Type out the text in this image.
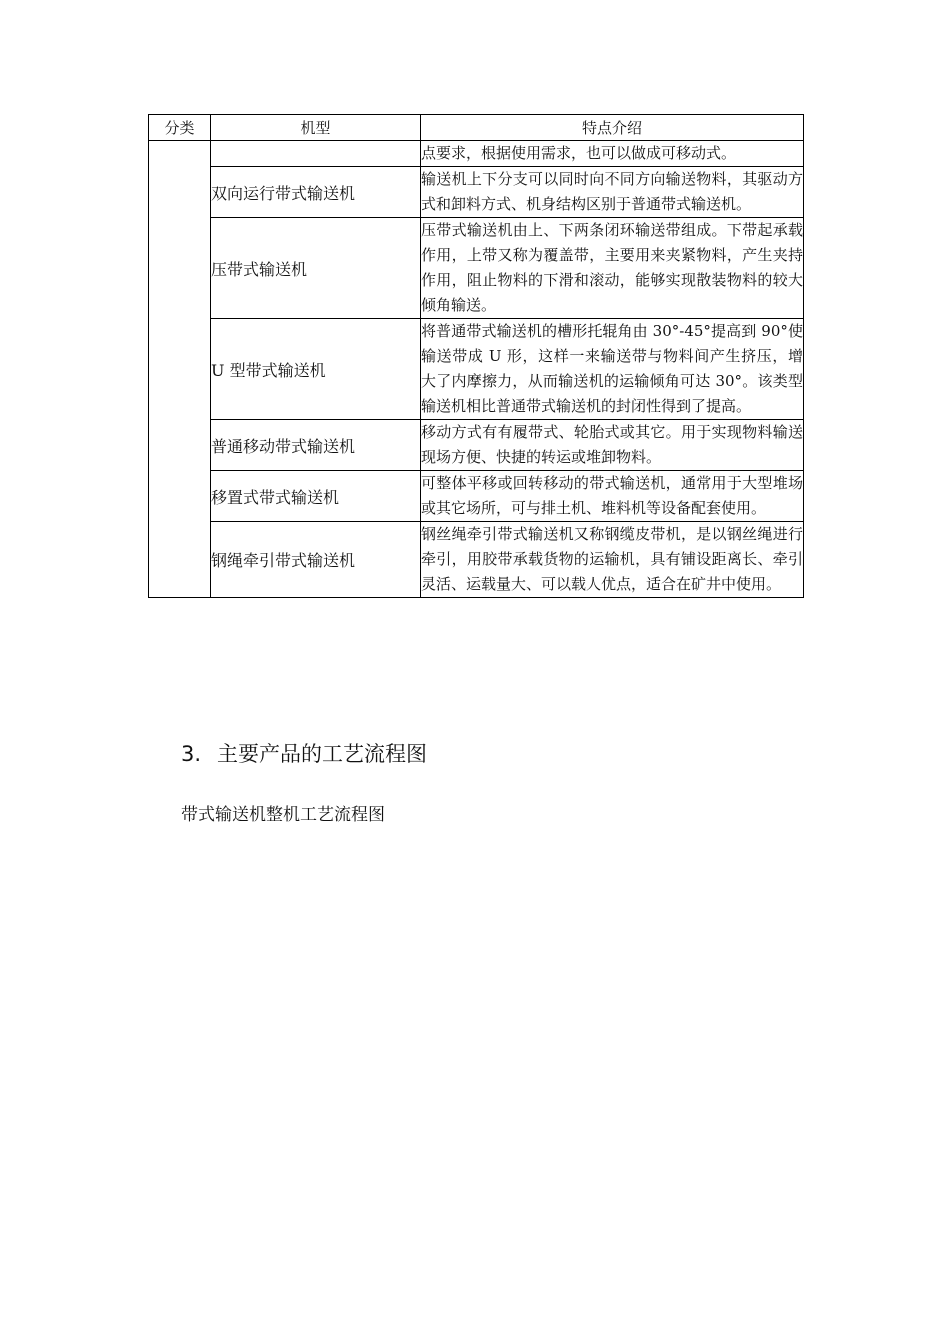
分类	机型	特点介绍
		点要求，根据使用需求，也可以做成可移动式。
	双向运行带式输送机	输送机上下分支可以同时向不同方向输送物料，其驱动方式和卸料方式、机身结构区别于普通带式输送机。
	压带式输送机	压带式输送机由上、下两条闭环输送带组成。下带起承载作用，上带又称为覆盖带，主要用来夹紧物料，产生夹持作用，阻止物料的下滑和滚动，能够实现散装物料的较大倾角输送。
	U 型带式输送机	将普通带式输送机的槽形托辊角由 30°-45°提高到 90°使输送带成 U 形，这样一来输送带与物料间产生挤压，增大了内摩擦力，从而输送机的运输倾角可达 30°。该类型输送机相比普通带式输送机的封闭性得到了提高。
	普通移动带式输送机	移动方式有有履带式、轮胎式或其它。用于实现物料输送现场方便、快捷的转运或堆卸物料。
	移置式带式输送机	可整体平移或回转移动的带式输送机，通常用于大型堆场或其它场所，可与排土机、堆料机等设备配套使用。
	钢绳牵引带式输送机	钢丝绳牵引带式输送机又称钢缆皮带机，是以钢丝绳进行牵引，用胶带承载货物的运输机，具有铺设距离长、牵引灵活、运载量大、可以载人优点，适合在矿井中使用。
3. 主要产品的工艺流程图
带式输送机整机工艺流程图
